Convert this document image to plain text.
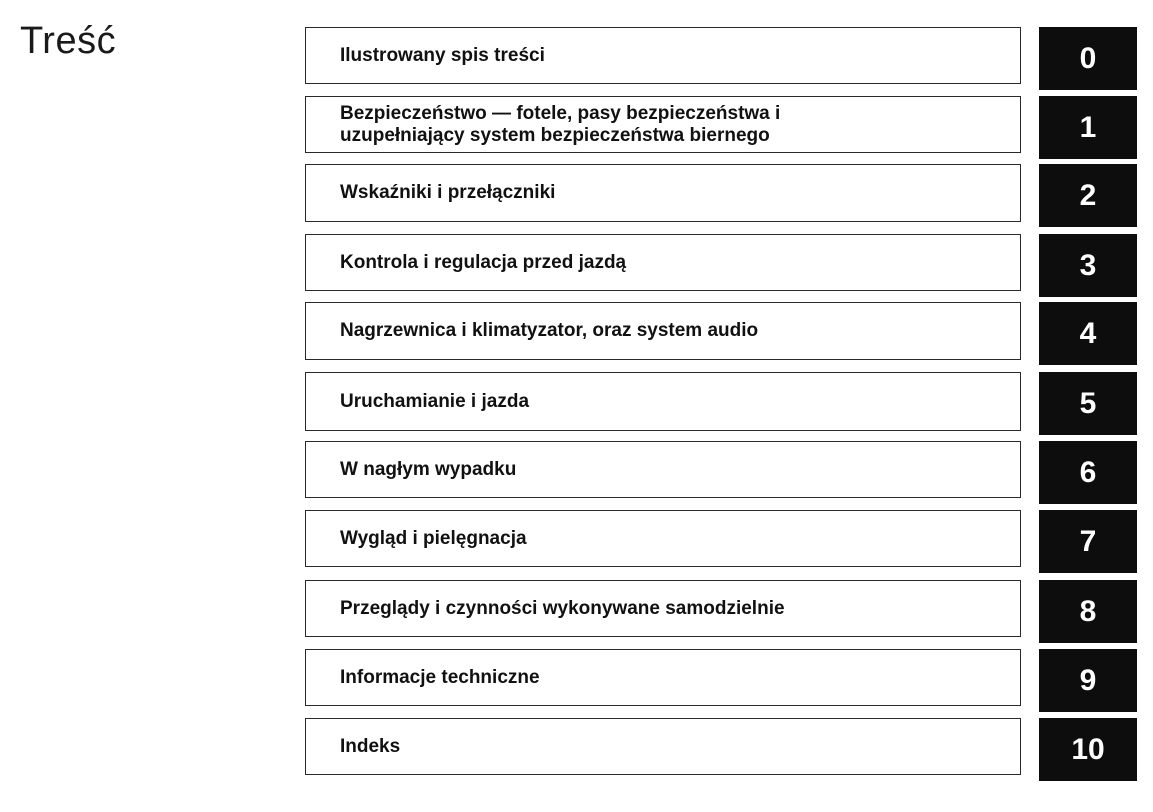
Treść	Ilustrowany spis treści	0
Bezpieczeństwo — fotele, pasy bezpieczeństwa i
uzupełniający system bezpieczeństwa biernego	1
Wskaźniki i przełączniki	2
Kontrola i regulacja przed jazdą	3
Nagrzewnica i klimatyzator, oraz system audio	4
Uruchamianie i jazda	5
W nagłym wypadku	6
Wygląd i pielęgnacja	7
Przeglądy i czynności wykonywane samodzielnie	8
Informacje techniczne	9
Indeks	10
